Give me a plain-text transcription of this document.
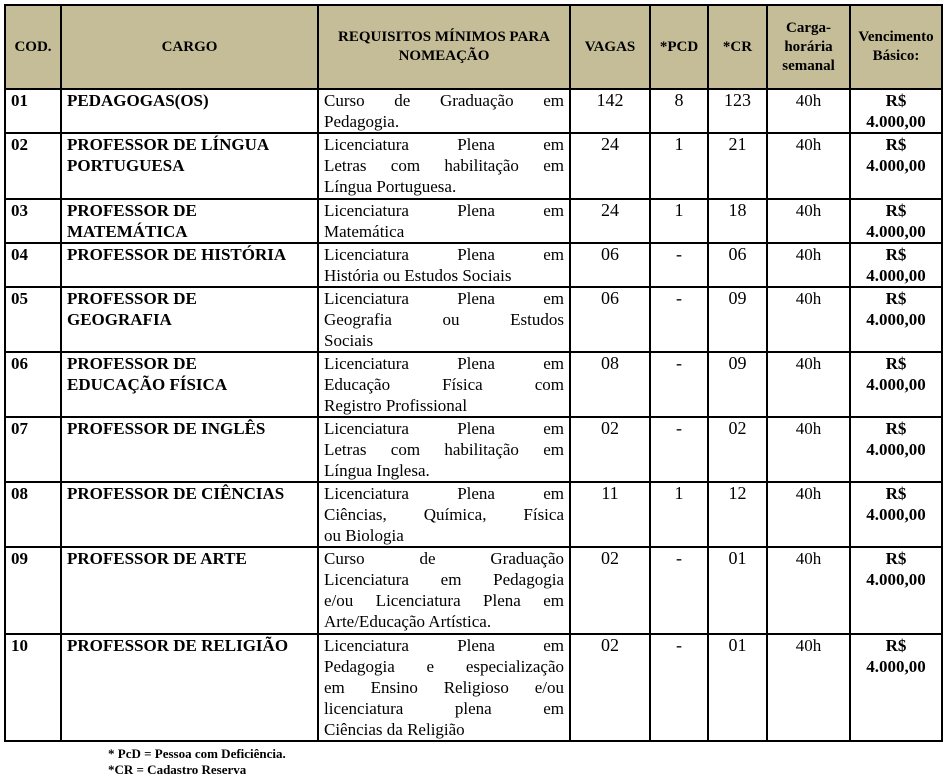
COD.	CARGO	REQUISITOS MÍNIMOS PARA NOMEAÇÃO	VAGAS	*PCD	*CR	Carga-horária semanal	Vencimento Básico:
01	PEDAGOGAS(OS)	Curso de Graduação em
Pedagogia.	142	8	123	40h	R$ 4.000,00
02	PROFESSOR DE LÍNGUA
PORTUGUESA

Licenciatura Plena em
Letras com habilitação em
Língua Portuguesa.
	24	1	21	40h	R$ 4.000,00
03	PROFESSOR DE
MATEMÁTICA

Licenciatura Plena em
Matemática
	24	1	18	40h	R$ 4.000,00
04	PROFESSOR DE HISTÓRIA	Licenciatura Plena em
História ou Estudos Sociais	06	-	06	40h	R$ 4.000,00
05	PROFESSOR DE
GEOGRAFIA

Licenciatura Plena em
Geografia ou Estudos
Sociais
	06	-	09	40h	R$ 4.000,00
06	PROFESSOR DE
EDUCAÇÃO FÍSICA

Licenciatura Plena em
Educação Física com
Registro Profissional
	08	-	09	40h	R$ 4.000,00
07	PROFESSOR DE INGLÊS	Licenciatura Plena em
Letras com habilitação em
Língua Inglesa.	02	-	02	40h	R$ 4.000,00
08	PROFESSOR DE CIÊNCIAS	Licenciatura Plena em
Ciências, Química, Física
ou Biologia	11	1	12	40h	R$ 4.000,00
09	PROFESSOR DE ARTE	Curso de Graduação
Licenciatura em Pedagogia
e/ou Licenciatura Plena em
Arte/Educação Artística.	02	-	01	40h	R$ 4.000,00
10	PROFESSOR DE RELIGIÃO	Licenciatura Plena em
Pedagogia e especialização
em Ensino Religioso e/ou
licenciatura plena em
Ciências da Religião	02	-	01	40h	R$ 4.000,00
* PcD = Pessoa com Deficiência.
*CR = Cadastro Reserva
